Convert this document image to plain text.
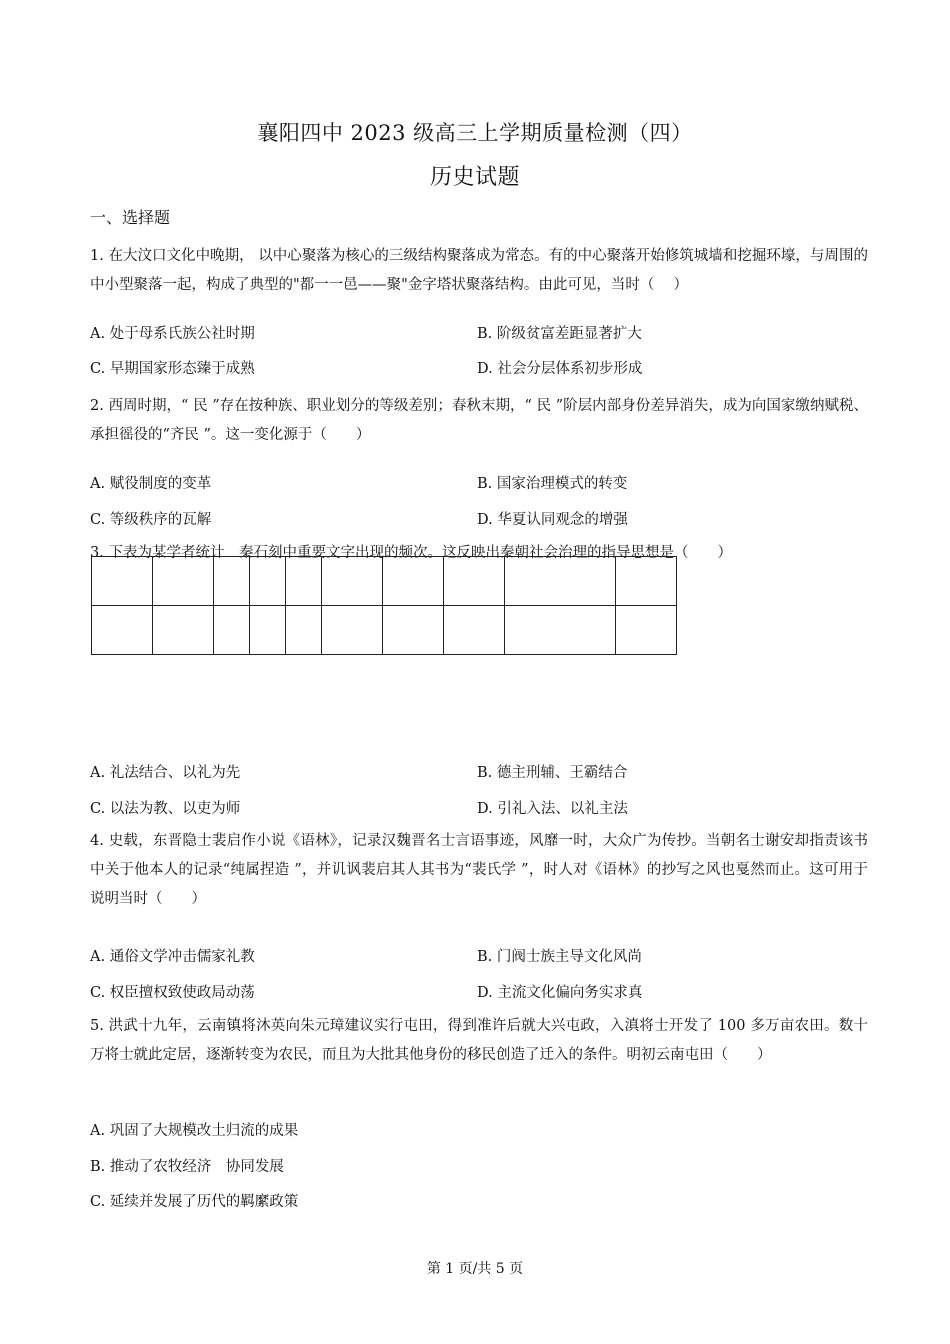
襄阳四中 2023 级高三上学期质量检测（四）
历史试题
一、选择题
1. 在大汶口文化中晚期， 以中心聚落为核心的三级结构聚落成为常态。有的中心聚落开始修筑城墙和挖掘环壕，与周围的中小型聚落一起，构成了典型的"都一一邑——聚"金字塔状聚落结构。由此可见，当时（　 ）
A. 处于母系氏族公社时期	B. 阶级贫富差距显著扩大
C. 早期国家形态臻于成熟	D. 社会分层体系初步形成
2. 西周时期，“ 民 ”存在按种族、职业划分的等级差别；春秋末期，“ 民 ”阶层内部身份差异消失，成为向国家缴纳赋税、承担徭役的“齐民 ”。这一变化源于（　　）
A. 赋役制度的变革	B. 国家治理模式的转变
C. 等级秩序的瓦解	D. 华夏认同观念的增强
3. 下表为某学者统计　秦石刻中重要文字出现的频次。这反映出秦朝社会治理的指导思想是（　　）

A. 礼法结合、以礼为先	B. 德主刑辅、王霸结合
C. 以法为教、以吏为师	D. 引礼入法、以礼主法
4. 史载，东晋隐士裴启作小说《语林》，记录汉魏晋名士言语事迹，风靡一时，大众广为传抄。当朝名士谢安却指责该书中关于他本人的记录“纯属捏造 ”，并讥讽裴启其人其书为“裴氏学 ”，时人对《语林》的抄写之风也戛然而止。这可用于说明当时（　　）
A. 通俗文学冲击儒家礼教	B. 门阀士族主导文化风尚
C. 权臣擅权致使政局动荡	D. 主流文化偏向务实求真
5. 洪武十九年，云南镇将沐英向朱元璋建议实行屯田，得到准许后就大兴屯政，入滇将士开发了 100 多万亩农田。数十万将士就此定居，逐渐转变为农民，而且为大批其他身份的移民创造了迁入的条件。明初云南屯田（　　）
A. 巩固了大规模改土归流的成果
B. 推动了农牧经济　协同发展
C. 延续并发展了历代的羁縻政策
第 1 页/共 5 页
